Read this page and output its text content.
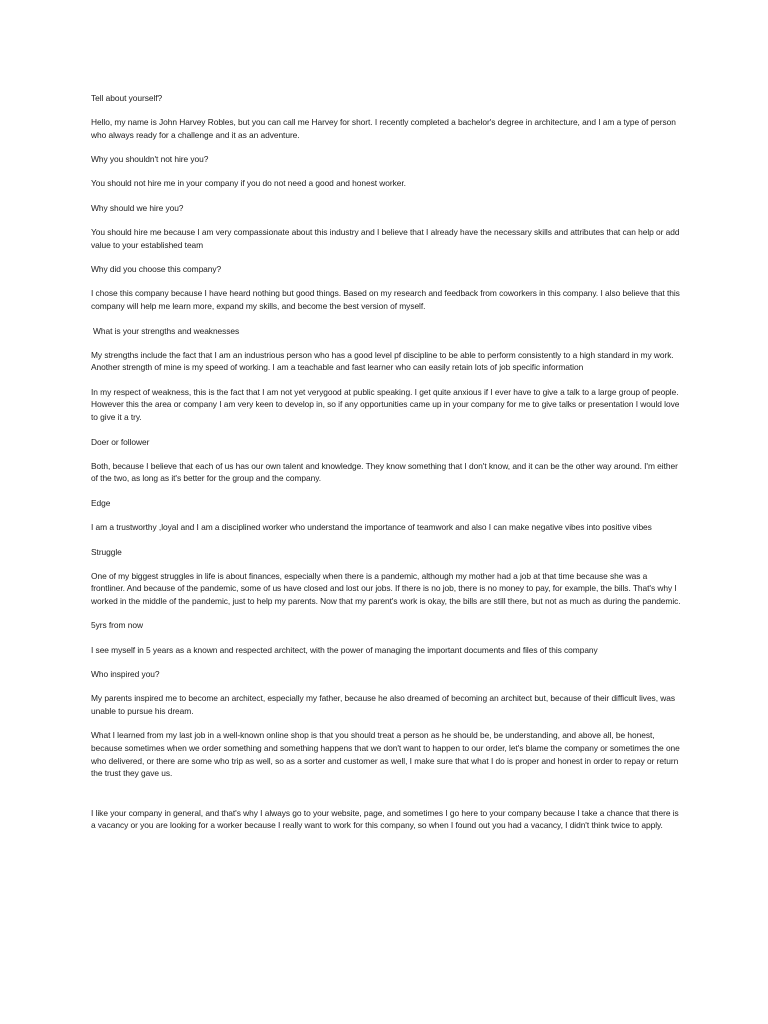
Tell about yourself?

Hello, my name is John Harvey Robles, but you can call me Harvey for short. I recently completed a bachelor's degree in architecture, and I am a type of person who always ready for a challenge and it as an adventure.

Why you shouldn't not hire you?

You should not hire me in your company if you do not need a good and honest worker.

Why should we hire you?

You should hire me because I am very compassionate about this industry and I believe that I already have the necessary skills and attributes that can help or add value to your established team

Why did you choose this company?

I chose this company because I have heard nothing but good things. Based on my research and feedback from coworkers in this company. I also believe that this company will help me learn more, expand my skills, and become the best version of myself.

What is your strengths and weaknesses

My strengths include the fact that I am an industrious person who has a good level pf discipline to be able to perform consistently to a high standard in my work. Another strength of mine is my speed of working. I am a teachable and fast learner who can easily retain lots of job specific information

In my respect of weakness, this is the fact that I am not yet verygood at public speaking. I get quite anxious if I ever have to give a talk to a large group of people. However this the area or company I am very keen to develop in, so if any opportunities came up in your company for me to give talks or presentation I would love to give it a try.

Doer or follower

Both, because I believe that each of us has our own talent and knowledge. They know something that I don't know, and it can be the other way around. I'm either of the two, as long as it's better for the group and the company.

Edge

I am a trustworthy ,loyal and I am a disciplined worker who understand the importance of teamwork and also I can make negative vibes into positive vibes

Struggle

One of my biggest struggles in life is about finances, especially when there is a pandemic, although my mother had a job at that time because she was a frontliner. And because of the pandemic, some of us have closed and lost our jobs. If there is no job, there is no money to pay, for example, the bills. That's why I worked in the middle of the pandemic, just to help my parents. Now that my parent's work is okay, the bills are still there, but not as much as during the pandemic.

5yrs from now

I see myself in 5 years as a known and respected architect, with the power of managing the important documents and files of this company

Who inspired you?

My parents inspired me to become an architect, especially my father, because he also dreamed of becoming an architect but, because of their difficult lives, was unable to pursue his dream.

What I learned from my last job in a well-known online shop is that you should treat a person as he should be, be understanding, and above all, be honest, because sometimes when we order something and something happens that we don't want to happen to our order, let's blame the company or sometimes the one who delivered, or there are some who trip as well, so as a sorter and customer as well, I make sure that what I do is proper and honest in order to repay or return the trust they gave us.

I like your company in general, and that's why I always go to your website, page, and sometimes I go here to your company because I take a chance that there is a vacancy or you are looking for a worker because I really want to work for this company, so when I found out you had a vacancy, I didn't think twice to apply.
